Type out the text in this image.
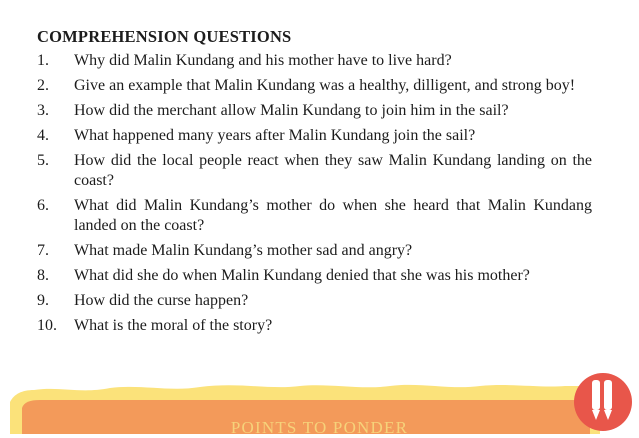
COMPREHENSION QUESTIONS
1.	Why did Malin Kundang and his mother have to live hard?
2.	Give an example that Malin Kundang was a healthy, dilligent, and strong boy!
3.	How did the merchant allow Malin Kundang to join him in the sail?
4.	What happened many years after Malin Kundang join the sail?
5.	How did the local people react when they saw Malin Kundang landing on the coast?
6.	What did Malin Kundang’s mother do when she heard that Malin Kundang landed on the coast?
7.	What made Malin Kundang’s mother sad and angry?
8.	What did she do when Malin Kundang denied that she was his mother?
9.	How did the curse happen?
10.	What is the moral of the story?
POINTS TO PONDER
